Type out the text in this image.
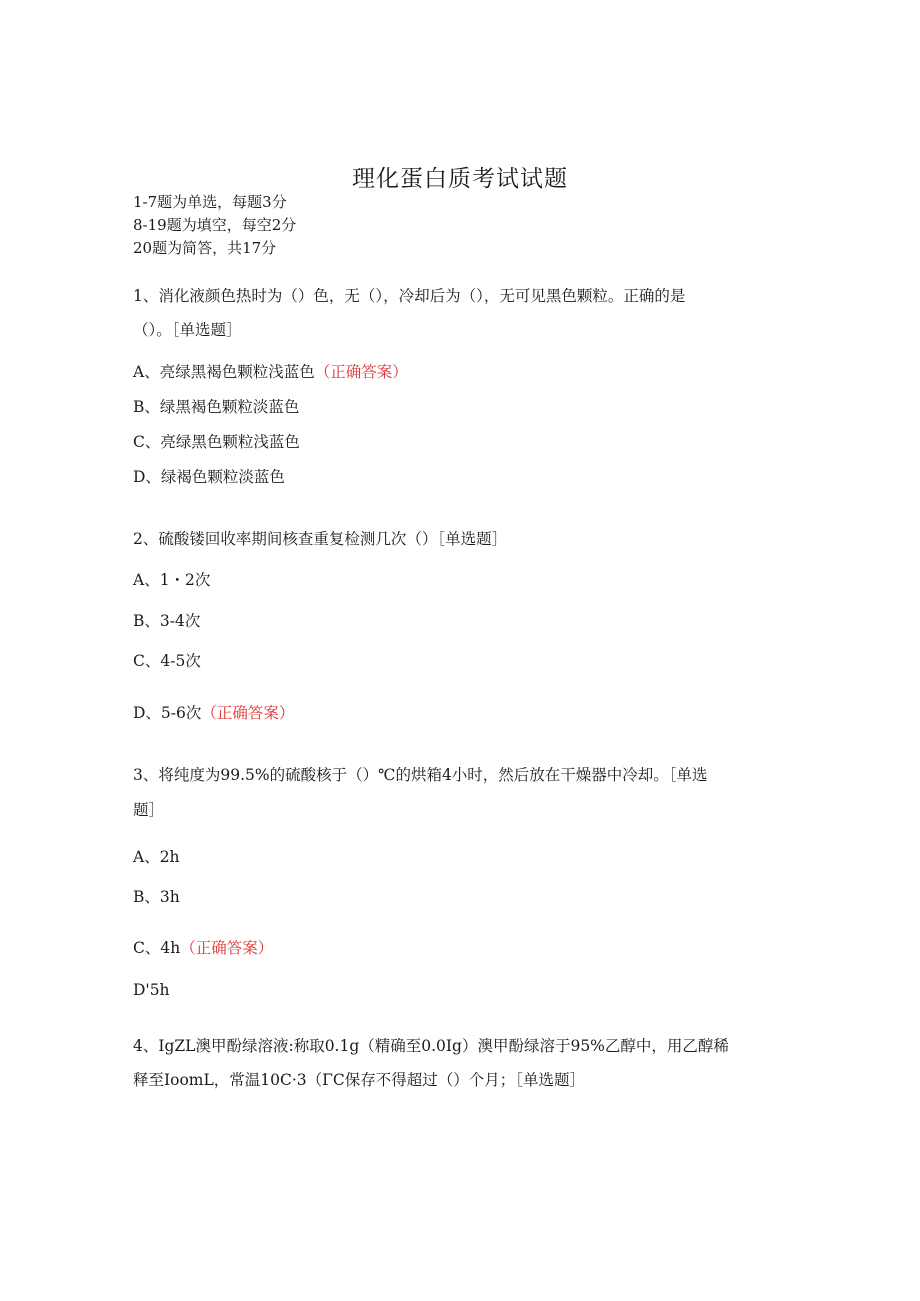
理化蛋白质考试试题
1-7题为单选，每题3分
8-19题为填空，每空2分
20题为简答，共17分
1、消化液颜色热时为（）色，无（），冷却后为（），无可见黑色颗粒。正确的是
（）。［单选题］
A、亮绿黑褐色颗粒浅蓝色（正确答案）
B、绿黑褐色颗粒淡蓝色
C、亮绿黑色颗粒浅蓝色
D、绿褐色颗粒淡蓝色
2、硫酸镂回收率期间核查重复检测几次（）［单选题］
A、1・2次
B、3-4次
C、4-5次
D、5-6次（正确答案）
3、将纯度为99.5%的硫酸核于（）℃的烘箱4小时，然后放在干燥器中冷却。［单选
题］
A、2h
B、3h
C、4h（正确答案）
D'5h
4、IgZL澳甲酚绿溶液:称取0.1g（精确至0.0Ig）澳甲酚绿溶于95%乙醇中，用乙醇稀
释至IoomL，常温10C·3（ΓC保存不得超过（）个月；［单选题］
